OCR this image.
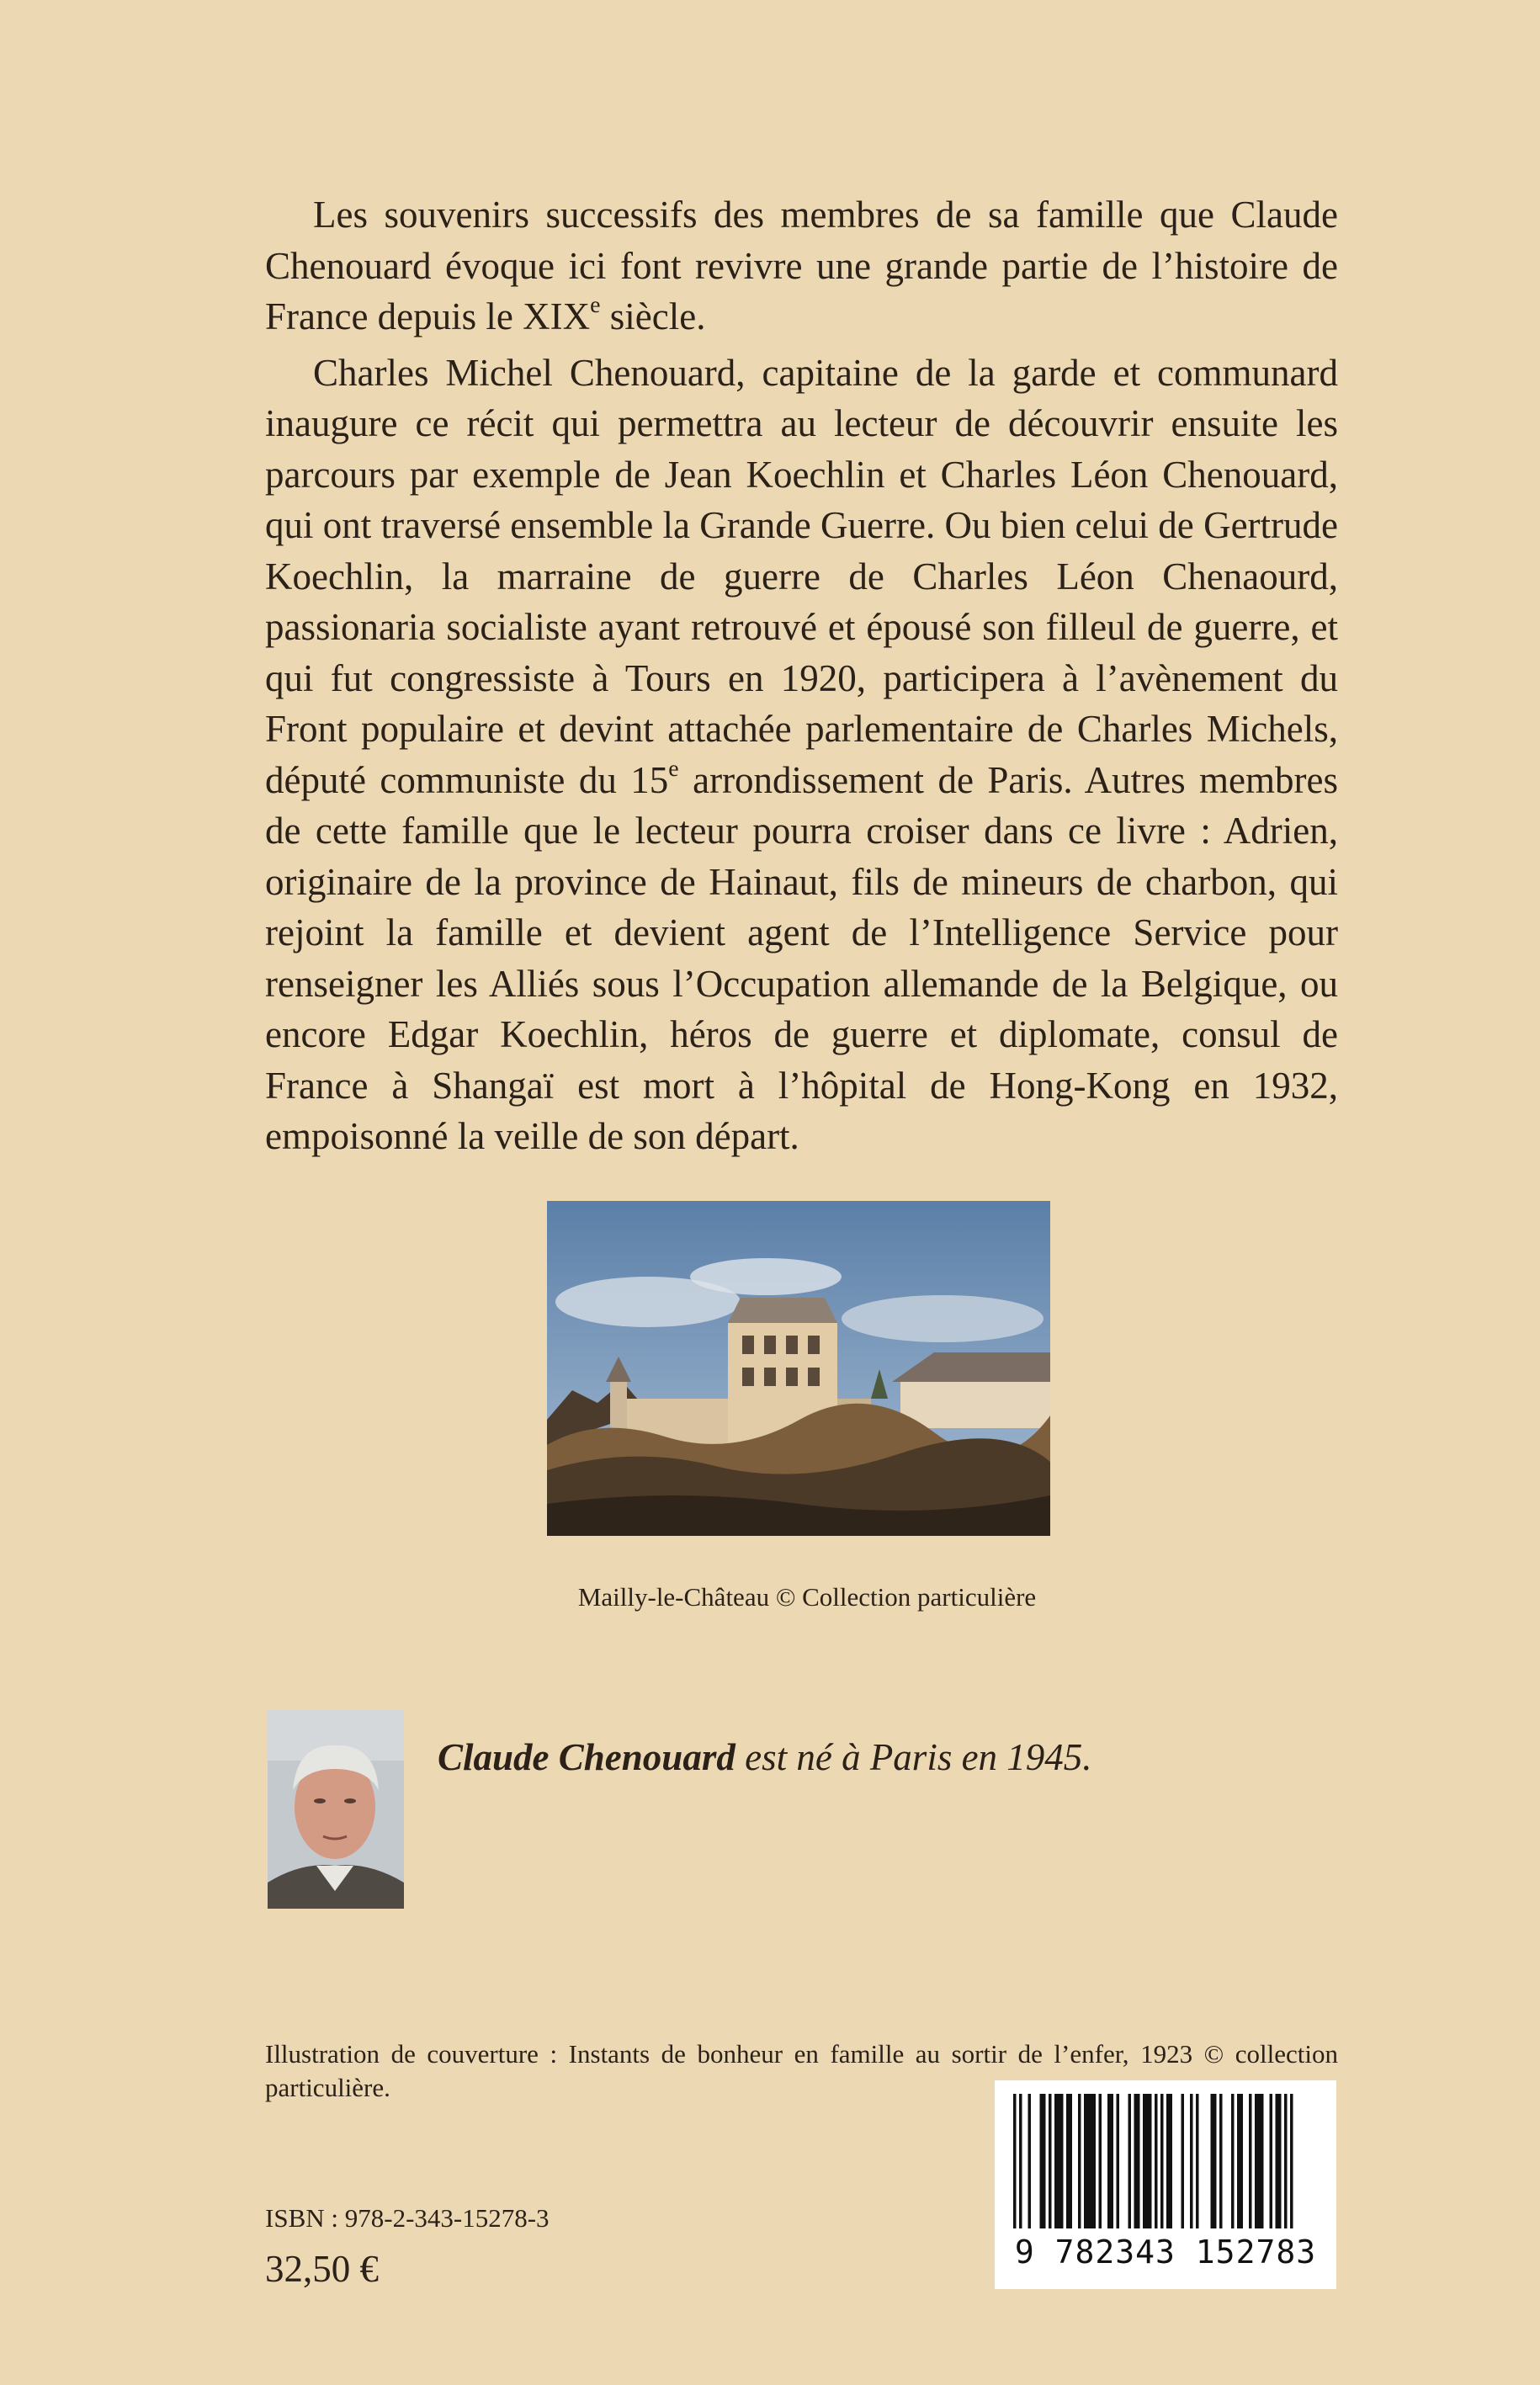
Les souvenirs successifs des membres de sa famille que Claude Chenouard évoque ici font revivre une grande partie de l’histoire de France depuis le XIXe siècle.

Charles Michel Chenouard, capitaine de la garde et communard inaugure ce récit qui permettra au lecteur de découvrir ensuite les parcours par exemple de Jean Koechlin et Charles Léon Chenouard, qui ont traversé ensemble la Grande Guerre. Ou bien celui de Gertrude Koechlin, la marraine de guerre de Charles Léon Chenaourd, passionaria socialiste ayant retrouvé et épousé son filleul de guerre, et qui fut congressiste à Tours en 1920, participera à l’avènement du Front populaire et devint attachée parlementaire de Charles Michels, député communiste du 15e arrondissement de Paris. Autres membres de cette famille que le lecteur pourra croiser dans ce livre : Adrien, originaire de la province de Hainaut, fils de mineurs de charbon, qui rejoint la famille et devient agent de l’Intelligence Service pour renseigner les Alliés sous l’Occupation allemande de la Belgique, ou encore Edgar Koechlin, héros de guerre et diplomate, consul de France à Shangaï est mort à l’hôpital de Hong-Kong en 1932, empoisonné la veille de son départ.

Mailly-le-Château © Collection particulière
Claude Chenouard est né à Paris en 1945.
Illustration de couverture : Instants de bonheur en famille au sortir de l’enfer, 1923 © collection particulière.
ISBN : 978-2-343-15278-3
32,50 €	9 782343 152783
